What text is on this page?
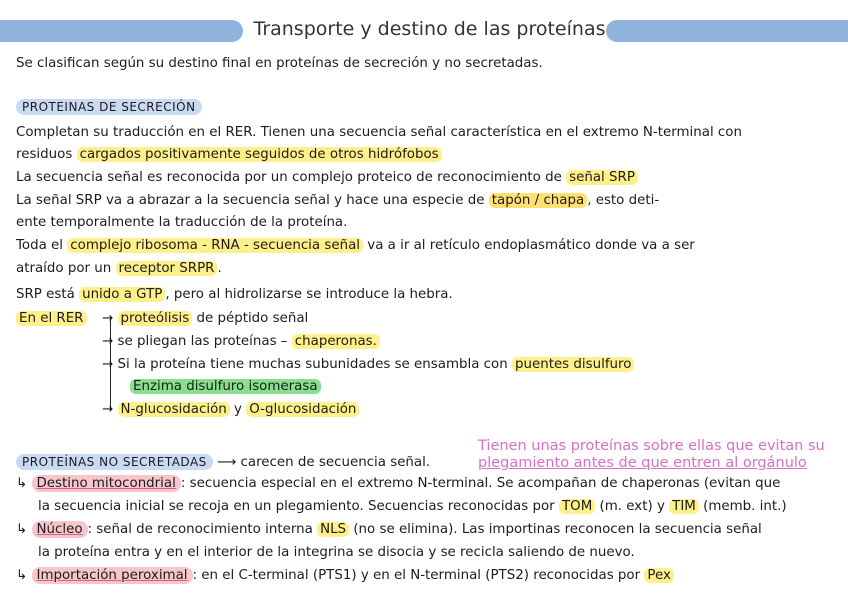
Transporte y destino de las proteínas
Se clasifican según su destino final en proteínas de secreción y no secretadas.
PROTEINAS DE SECRECIÓN
Completan su traducción en el RER. Tienen una secuencia señal característica en el extremo N-terminal con
residuos cargados positivamente seguidos de otros hidrófobos
La secuencia señal es reconocida por un complejo proteico de reconocimiento de señal SRP
La señal SRP va a abrazar a la secuencia señal y hace una especie de tapón / chapa , esto deti-
ente temporalmente la traducción de la proteína.
Toda el complejo ribosoma - RNA - secuencia señal va a ir al retículo endoplasmático donde va a ser
atraído por un receptor SRPR .
SRP está unido a GTP , pero al hidrolizarse se introduce la hebra.
En el RER → proteólisis de péptido señal
→ se pliegan las proteínas – chaperonas.
→ Si la proteína tiene muchas subunidades se ensambla con puentes disulfuro
Enzima disulfuro isomerasa
→ N-glucosidación y O-glucosidación
Tienen unas proteínas sobre ellas que evitan su
plegamiento antes de que entren al orgánulo
PROTEÍNAS NO SECRETADAS ⟶ carecen de secuencia señal.
↳ Destino mitocondrial : secuencia especial en el extremo N-terminal. Se acompañan de chaperonas (evitan que
la secuencia inicial se recoja en un plegamiento. Secuencias reconocidas por TOM (m. ext) y TIM (memb. int.)
↳ Núcleo : señal de reconocimiento interna NLS (no se elimina). Las importinas reconocen la secuencia señal
la proteína entra y en el interior de la integrina se disocia y se recicla saliendo de nuevo.
↳ Importación peroximal : en el C-terminal (PTS1) y en el N-terminal (PTS2) reconocidas por Pex
